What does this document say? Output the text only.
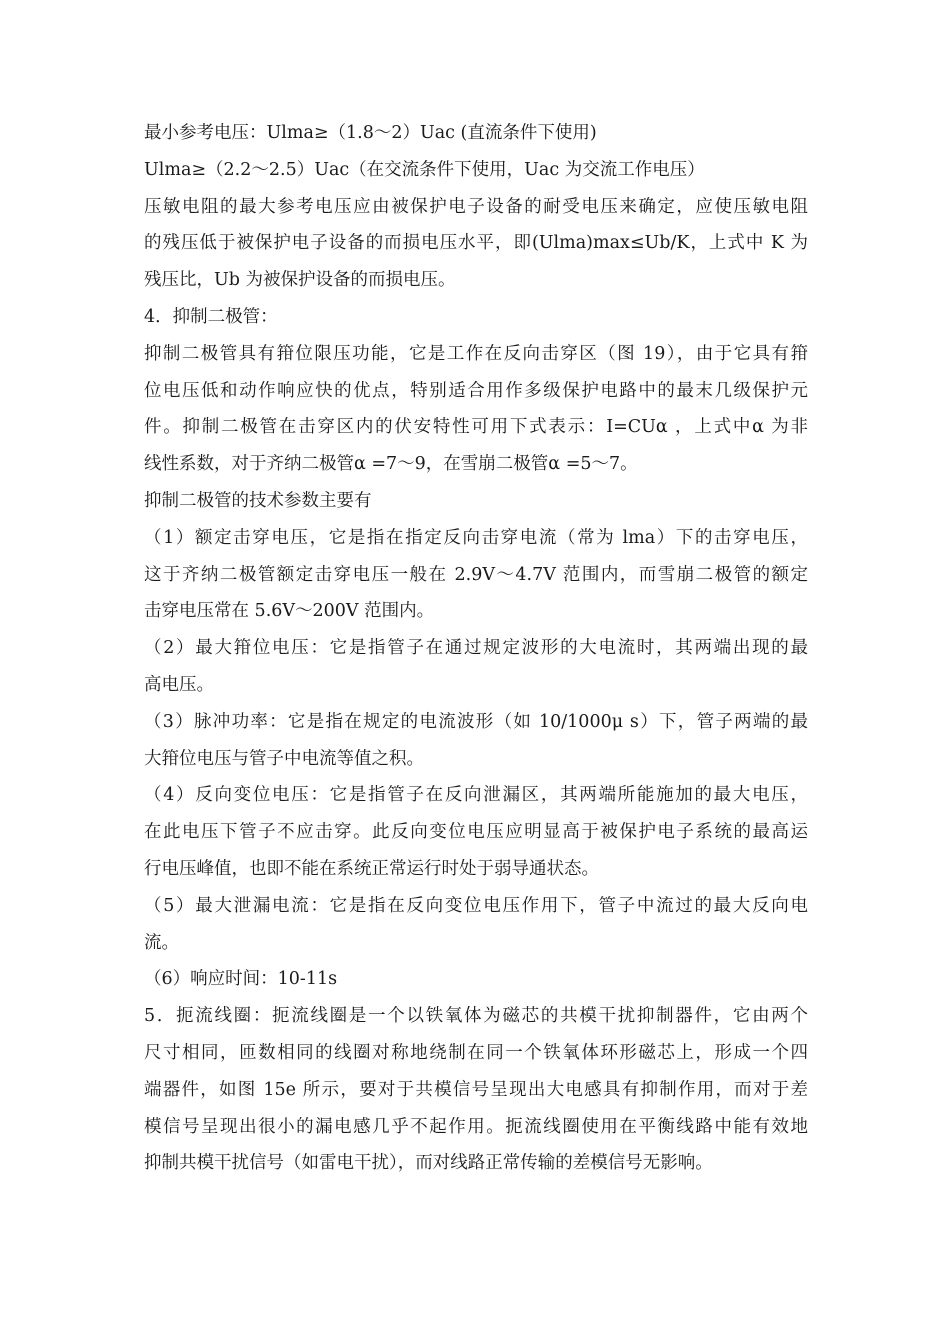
最小参考电压：Ulma≥（1.8～2）Uac (直流条件下使用)
Ulma≥（2.2～2.5）Uac（在交流条件下使用，Uac 为交流工作电压）
压敏电阻的最大参考电压应由被保护电子设备的耐受电压来确定，应使压敏电阻
的残压低于被保护电子设备的而损电压水平，即(Ulma)max≤Ub/K，上式中 K 为
残压比，Ub 为被保护设备的而损电压。
4．抑制二极管：
抑制二极管具有箝位限压功能，它是工作在反向击穿区（图 19），由于它具有箝
位电压低和动作响应快的优点，特别适合用作多级保护电路中的最末几级保护元
件。抑制二极管在击穿区内的伏安特性可用下式表示：I=CUα ，上式中α 为非
线性系数，对于齐纳二极管α =7～9，在雪崩二极管α =5～7。
抑制二极管的技术参数主要有
（1）额定击穿电压，它是指在指定反向击穿电流（常为 lma）下的击穿电压，
这于齐纳二极管额定击穿电压一般在 2.9V～4.7V 范围内，而雪崩二极管的额定
击穿电压常在 5.6V～200V 范围内。
（2）最大箝位电压：它是指管子在通过规定波形的大电流时，其两端出现的最
高电压。
（3）脉冲功率：它是指在规定的电流波形（如 10/1000μ s）下，管子两端的最
大箝位电压与管子中电流等值之积。
（4）反向变位电压：它是指管子在反向泄漏区，其两端所能施加的最大电压，
在此电压下管子不应击穿。此反向变位电压应明显高于被保护电子系统的最高运
行电压峰值，也即不能在系统正常运行时处于弱导通状态。
（5）最大泄漏电流：它是指在反向变位电压作用下，管子中流过的最大反向电
流。
（6）响应时间：10-11s
5．扼流线圈：扼流线圈是一个以铁氧体为磁芯的共模干扰抑制器件，它由两个
尺寸相同，匝数相同的线圈对称地绕制在同一个铁氧体环形磁芯上，形成一个四
端器件，如图 15e 所示，要对于共模信号呈现出大电感具有抑制作用，而对于差
模信号呈现出很小的漏电感几乎不起作用。扼流线圈使用在平衡线路中能有效地
抑制共模干扰信号（如雷电干扰），而对线路正常传输的差模信号无影响。
